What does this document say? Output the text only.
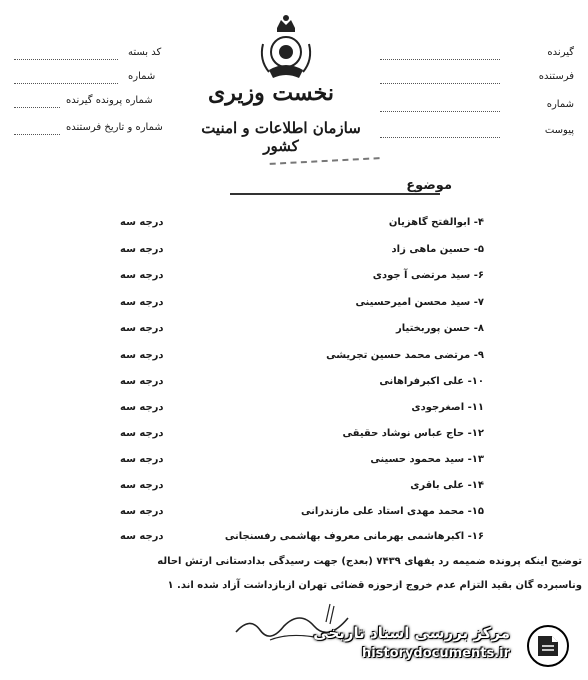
نخست وزیری
سازمان اطلاعات و امنیت کشور
کد بسته
شماره
شماره پرونده گیرنده
شماره و تاریخ فرستنده
گیرنده
فرستنده
شماره
پیوست
موضوع
۴- ابوالفتح گاهزیان
درجه سه
۵- حسین ماهی زاد
درجه سه
۶- سید مرتضی آ جودی
درجه سه
۷- سید محسن امیرحسینی
درجه سه
۸- حسن پوربختیار
درجه سه
۹- مرتضی محمد حسین تجریشی
درجه سه
۱۰- علی اکبرفراهانی
درجه سه
۱۱- اصغرجودی
درجه سه
۱۲- حاج عباس نوشاد حقیقی
درجه سه
۱۳- سید محمود حسینی
درجه سه
۱۴- علی باقری
درجه سه
۱۵- محمد مهدی استاد علی مازندرانی
درجه سه
۱۶- اکبرهاشمی بهرمانی معروف بهاشمی رفسنجانی
درجه سه
توضیح اینکه پرونده ضمیمه رد یفهای ۷۴۳۹ (بعدج) جهت رسیدگی بدادستانی ارتش احاله
وناسبرده گان بقید التزام عدم خروج ازحوزه قضائی تهران ازبازداشت آزاد شده اند. ۱
مرکز بررسی اسناد تاریخی
historydocuments.ir
